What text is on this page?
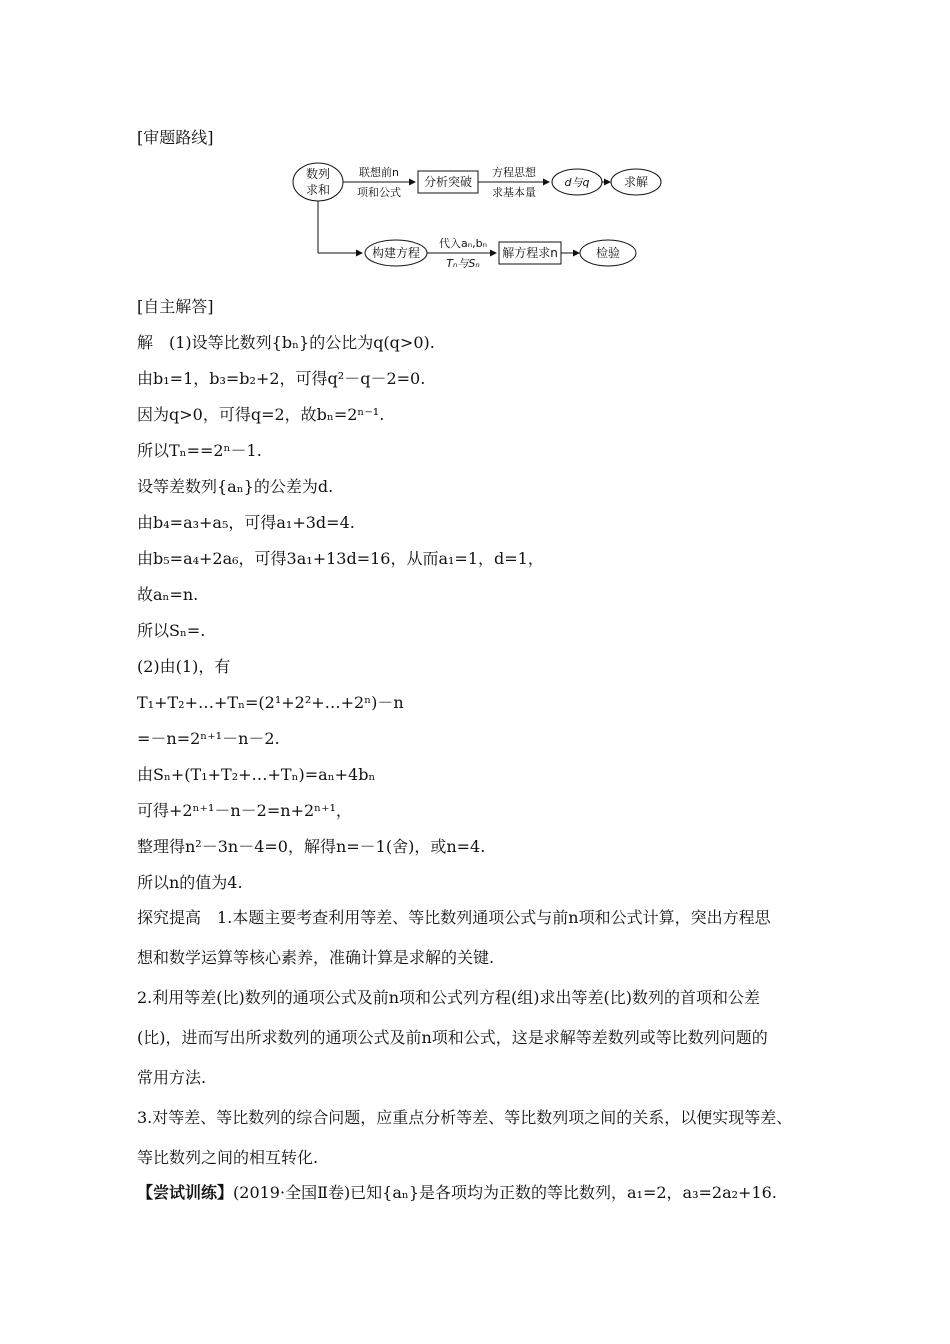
[审题路线]
数列
求和
联想前n
项和公式
分析突破
方程思想
求基本量
d与q	求解
构建方程
代入aₙ,bₙ
Tₙ与Sₙ
解方程求n	检验
[自主解答]
解　(1)设等比数列{bₙ}的公比为q(q>0).
由b₁=1，b₃=b₂+2，可得q²－q－2=0.
因为q>0，可得q=2，故bₙ=2ⁿ⁻¹.
所以Tₙ==2ⁿ－1.
设等差数列{aₙ}的公差为d.
由b₄=a₃+a₅，可得a₁+3d=4.
由b₅=a₄+2a₆，可得3a₁+13d=16，从而a₁=1，d=1，
故aₙ=n.
所以Sₙ=.
(2)由(1)，有
T₁+T₂+…+Tₙ=(2¹+2²+…+2ⁿ)－n
=－n=2ⁿ⁺¹－n－2.
由Sₙ+(T₁+T₂+…+Tₙ)=aₙ+4bₙ
可得+2ⁿ⁺¹－n－2=n+2ⁿ⁺¹，
整理得n²－3n－4=0，解得n=－1(舍)，或n=4.
所以n的值为4.
探究提高　1.本题主要考查利用等差、等比数列通项公式与前n项和公式计算，突出方程思
想和数学运算等核心素养，准确计算是求解的关键.
2.利用等差(比)数列的通项公式及前n项和公式列方程(组)求出等差(比)数列的首项和公差
(比)，进而写出所求数列的通项公式及前n项和公式，这是求解等差数列或等比数列问题的
常用方法.
3.对等差、等比数列的综合问题，应重点分析等差、等比数列项之间的关系，以便实现等差、
等比数列之间的相互转化.
【尝试训练】(2019·全国Ⅱ卷)已知{aₙ}是各项均为正数的等比数列，a₁=2，a₃=2a₂+16.
